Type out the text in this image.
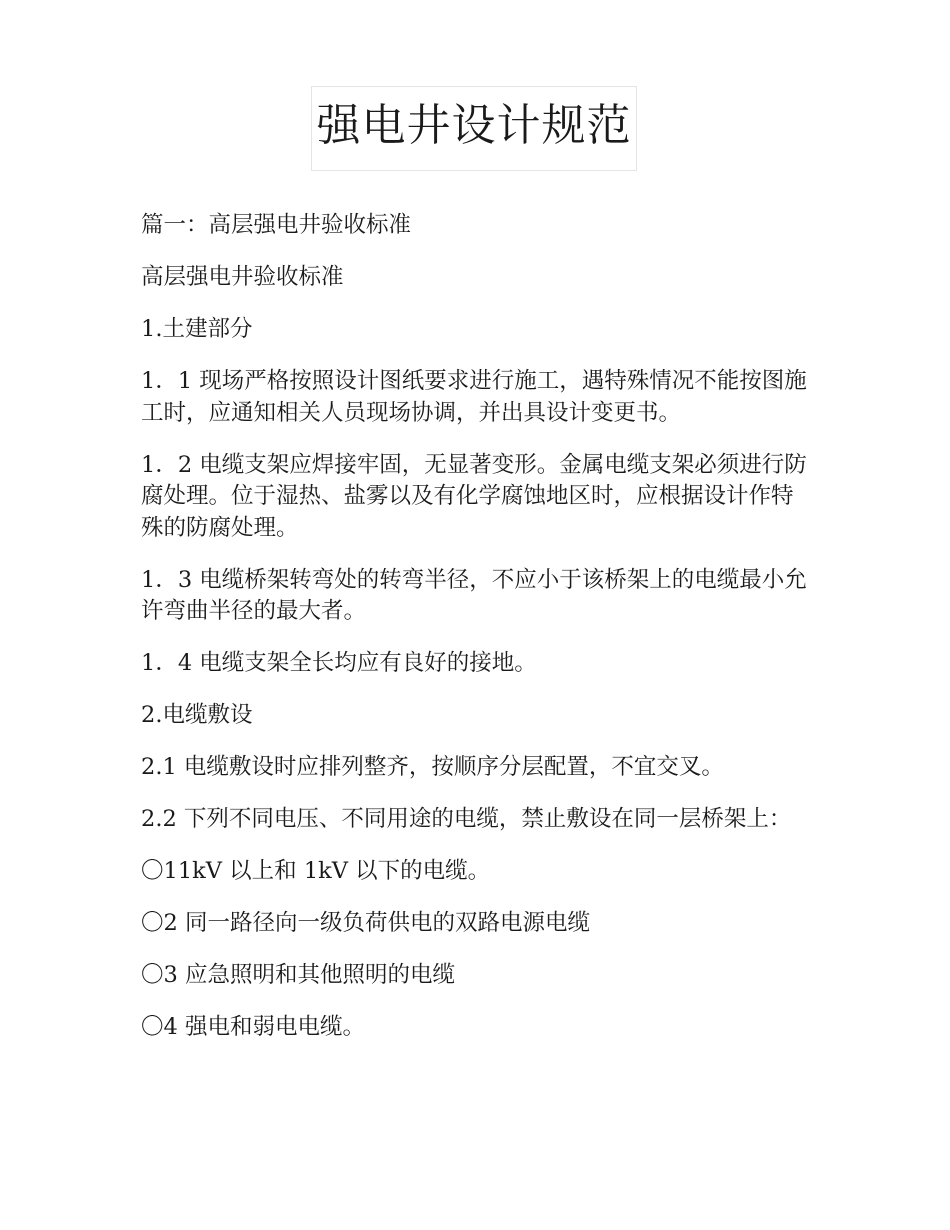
强电井设计规范

篇一：高层强电井验收标准

高层强电井验收标准

1.土建部分

1．1 现场严格按照设计图纸要求进行施工，遇特殊情况不能按图施工时，应通知相关人员现场协调，并出具设计变更书。

1．2 电缆支架应焊接牢固，无显著变形。金属电缆支架必须进行防腐处理。位于湿热、盐雾以及有化学腐蚀地区时，应根据设计作特殊的防腐处理。

1．3 电缆桥架转弯处的转弯半径，不应小于该桥架上的电缆最小允许弯曲半径的最大者。

1．4 电缆支架全长均应有良好的接地。

2.电缆敷设

2.1 电缆敷设时应排列整齐，按顺序分层配置，不宜交叉。

2.2 下列不同电压、不同用途的电缆，禁止敷设在同一层桥架上：

〇11kV 以上和 1kV 以下的电缆。

〇2 同一路径向一级负荷供电的双路电源电缆

〇3 应急照明和其他照明的电缆

〇4 强电和弱电电缆。
